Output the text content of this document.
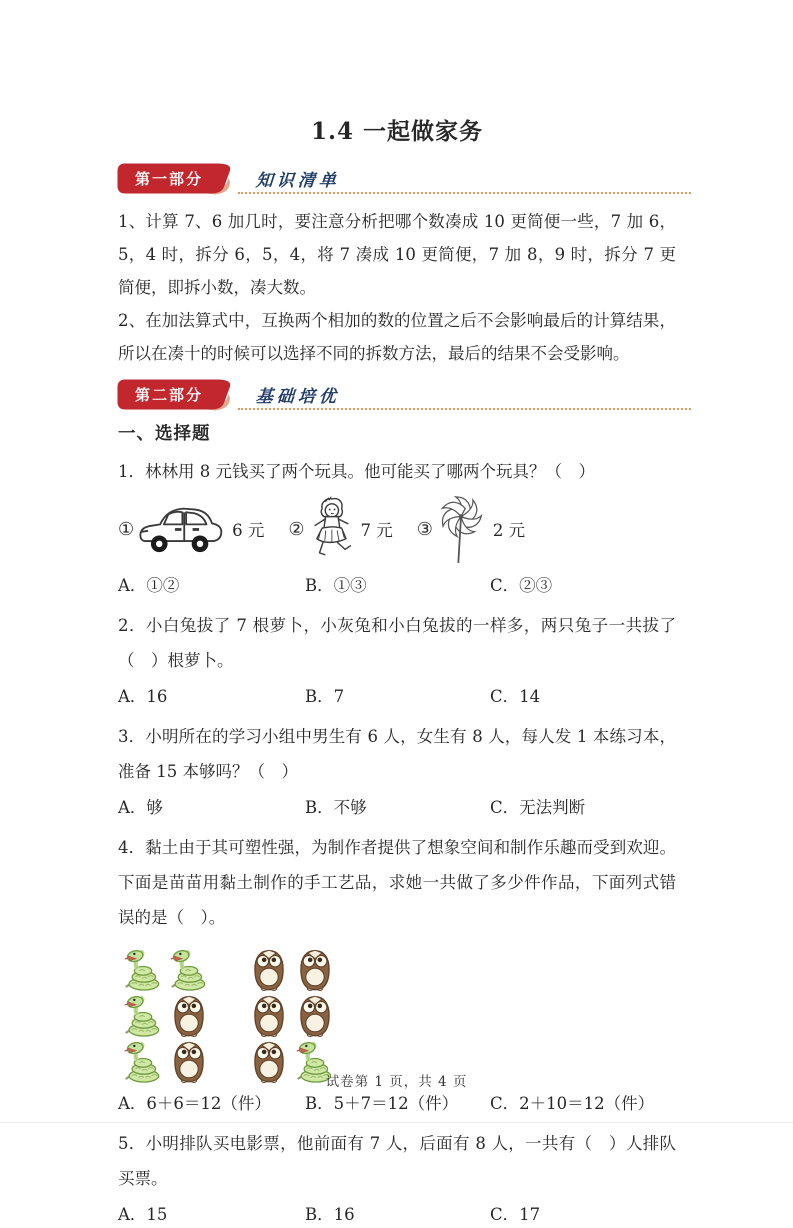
1.4 一起做家务
第一部分	知识清单

1、计算 7、6 加几时，要注意分析把哪个数凑成 10 更简便一些，7 加 6，5，4 时，拆分 6，5，4，将 7 凑成 10 更简便，7 加 8，9 时，拆分 7 更简便，即拆小数，凑大数。

2、在加法算式中，互换两个相加的数的位置之后不会影响最后的计算结果，所以在凑十的时候可以选择不同的拆数方法，最后的结果不会受影响。

第二部分	基础培优
一、选择题

1．林林用 8 元钱买了两个玩具。他可能买了哪两个玩具？（　）

①	6 元 ②	7 元 ③	2 元
A．①②	B．①③	C．②③

2．小白兔拔了 7 根萝卜，小灰兔和小白兔拔的一样多，两只兔子一共拔了（　）根萝卜。

A．16	B．7	C．14

3．小明所在的学习小组中男生有 6 人，女生有 8 人，每人发 1 本练习本，准备 15 本够吗？（　）

A．够	B．不够	C．无法判断

4．黏土由于其可塑性强，为制作者提供了想象空间和制作乐趣而受到欢迎。下面是苗苗用黏土制作的手工艺品，求她一共做了多少件作品，下面列式错误的是（　）。

A．6＋6＝12（件）	B．5＋7＝12（件）	C．2＋10＝12（件）

5．小明排队买电影票，他前面有 7 人，后面有 8 人，一共有（　）人排队买票。

A．15	B．16	C．17
试卷第 1 页，共 4 页
